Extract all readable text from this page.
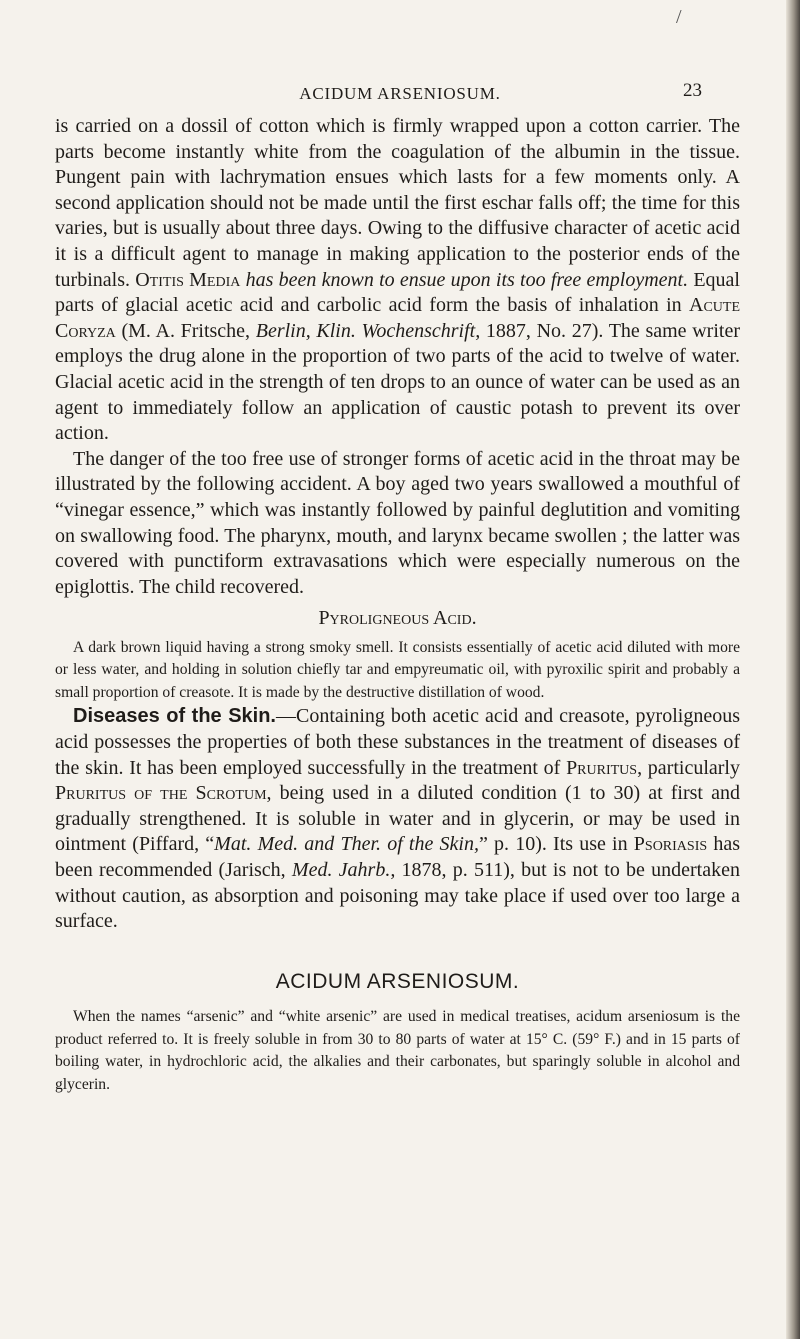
/
ACIDUM ARSENIOSUM.	23

is carried on a dossil of cotton which is firmly wrapped upon a cotton carrier. The parts become instantly white from the coagulation of the albumin in the tissue. Pungent pain with lachrymation ensues which lasts for a few moments only. A second application should not be made until the first eschar falls off; the time for this varies, but is usually about three days. Owing to the diffusive character of acetic acid it is a difficult agent to manage in making application to the posterior ends of the turbinals. Otitis Media has been known to ensue upon its too free employment. Equal parts of glacial acetic acid and carbolic acid form the basis of inhalation in Acute Coryza (M. A. Fritsche, Berlin, Klin. Wochenschrift, 1887, No. 27). The same writer employs the drug alone in the proportion of two parts of the acid to twelve of water. Glacial acetic acid in the strength of ten drops to an ounce of water can be used as an agent to immediately follow an application of caustic potash to prevent its over action.

The danger of the too free use of stronger forms of acetic acid in the throat may be illustrated by the following accident. A boy aged two years swallowed a mouthful of “vinegar essence,” which was instantly followed by painful deglutition and vomiting on swallowing food. The pharynx, mouth, and larynx became swollen ; the latter was covered with punctiform extravasations which were especially numerous on the epiglottis. The child recovered.

Pyroligneous Acid.

A dark brown liquid having a strong smoky smell. It consists essentially of acetic acid diluted with more or less water, and holding in solution chiefly tar and empyreumatic oil, with pyroxilic spirit and probably a small proportion of creasote. It is made by the destructive distillation of wood.

Diseases of the Skin.—Containing both acetic acid and creasote, pyroligneous acid possesses the properties of both these substances in the treatment of diseases of the skin. It has been employed successfully in the treatment of Pruritus, particularly Pruritus of the Scrotum, being used in a diluted condition (1 to 30) at first and gradually strengthened. It is soluble in water and in glycerin, or may be used in ointment (Piffard, “Mat. Med. and Ther. of the Skin,” p. 10). Its use in Psoriasis has been recommended (Jarisch, Med. Jahrb., 1878, p. 511), but is not to be undertaken without caution, as absorption and poisoning may take place if used over too large a surface.

ACIDUM ARSENIOSUM.

When the names “arsenic” and “white arsenic” are used in medical treatises, acidum arseniosum is the product referred to. It is freely soluble in from 30 to 80 parts of water at 15° C. (59° F.) and in 15 parts of boiling water, in hydrochloric acid, the alkalies and their carbonates, but sparingly soluble in alcohol and glycerin.
